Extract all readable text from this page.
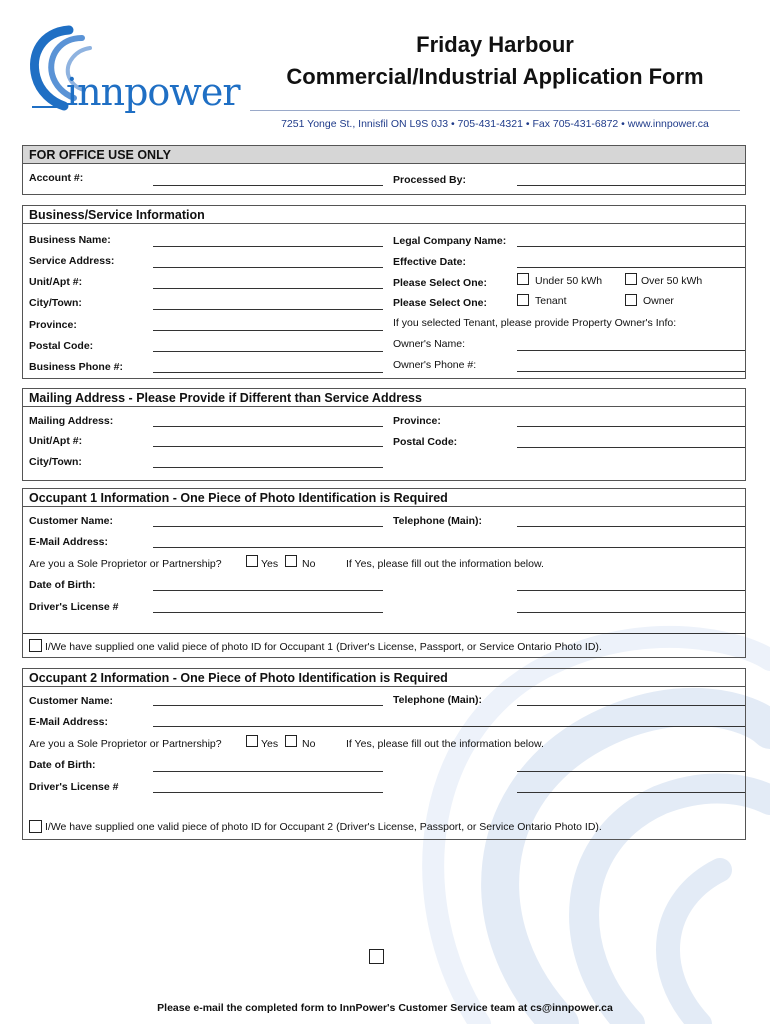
innpower
Friday Harbour
Commercial/Industrial Application Form
7251 Yonge St., Innisfil ON L9S 0J3 • 705-431-4321 • Fax 705-431-6872 • www.innpower.ca
FOR OFFICE USE ONLY
Account #:	Processed By:
Business/Service Information
Business Name:	Legal Company Name:
Service Address:	Effective Date:
Unit/Apt #:	Please Select One:	Under 50 kWh	Over 50 kWh
City/Town:	Please Select One:	Tenant	Owner
Province:	If you selected Tenant, please provide Property Owner's Info:
Postal Code:	Owner's Name:
Business Phone #:	Owner's Phone #:
Mailing Address - Please Provide if Different than Service Address
Mailing Address:	Province:
Unit/Apt #:	Postal Code:
City/Town:
Occupant 1 Information - One Piece of Photo Identification is Required
Customer Name:	Telephone (Main):
E-Mail Address:
Are you a Sole Proprietor or Partnership?	Yes No	If Yes, please fill out the information below.
Date of Birth:
Driver's License #
I/We have supplied one valid piece of photo ID for Occupant 1 (Driver's License, Passport, or Service Ontario Photo ID).
Occupant 2 Information - One Piece of Photo Identification is Required
Customer Name:	Telephone (Main):
E-Mail Address:
Are you a Sole Proprietor or Partnership?	Yes No	If Yes, please fill out the information below.
Date of Birth:
Driver's License #
I/We have supplied one valid piece of photo ID for Occupant 2 (Driver's License, Passport, or Service Ontario Photo ID).
Please e-mail the completed form to InnPower's Customer Service team at cs@innpower.ca
